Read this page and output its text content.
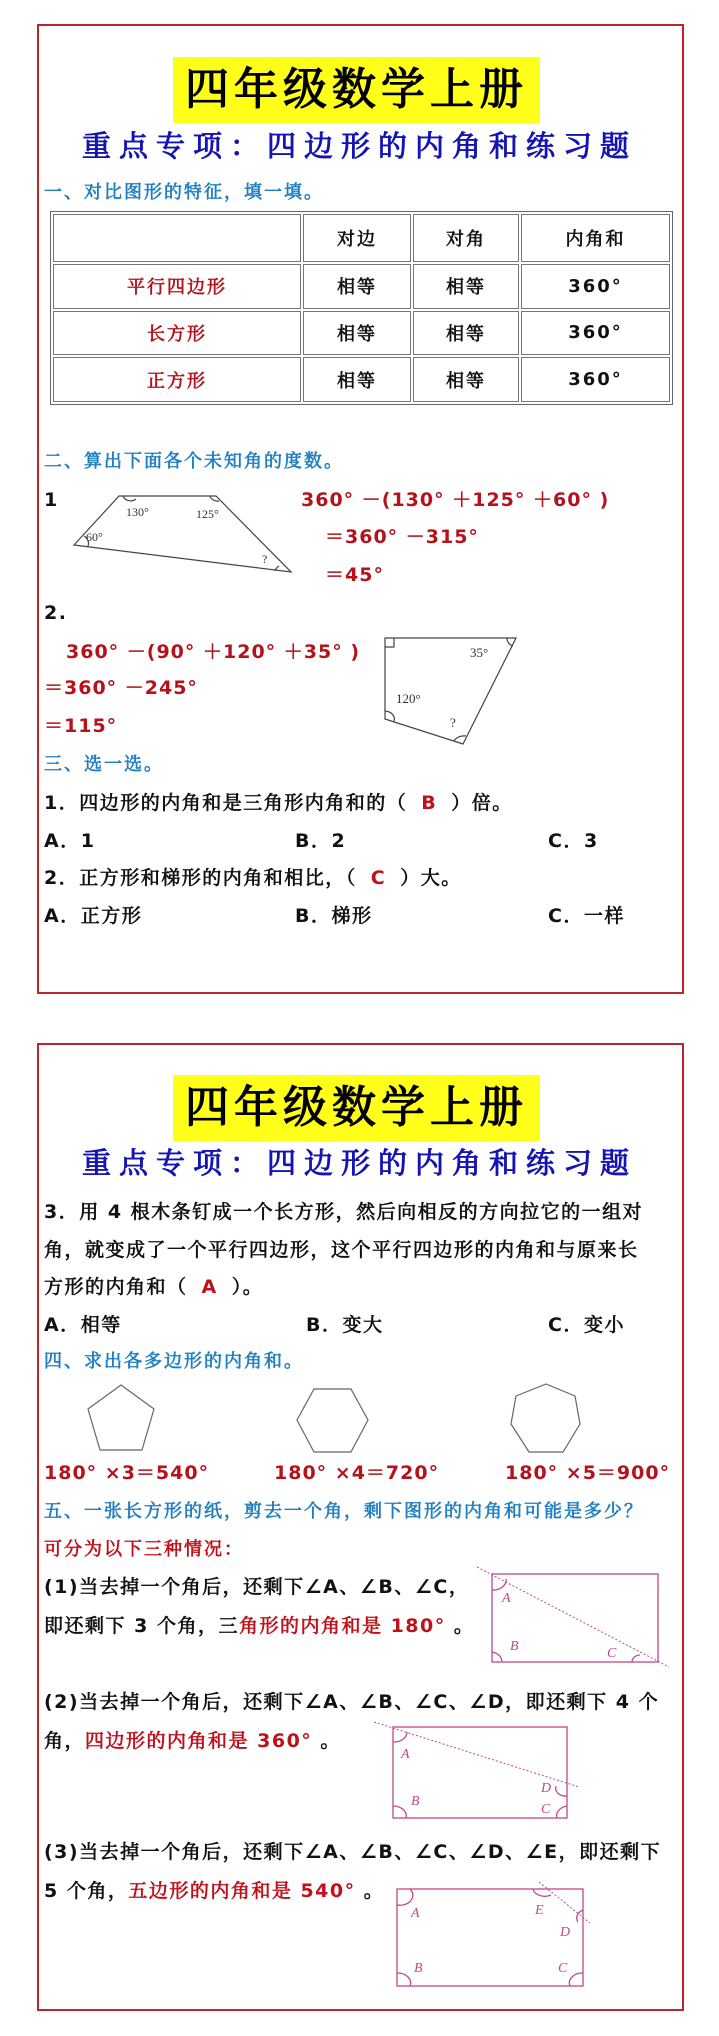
四年级数学上册
重点专项：四边形的内角和练习题
一、对比图形的特征，填一填。
	对边	对角	内角和
平行四边形	相等	相等	360°
长方形	相等	相等	360°
正方形	相等	相等	360°
二、算出下面各个未知角的度数。
1	360° －(130° ＋125° ＋60° )
＝360° －315°
＝45°
2.
360° －(90° ＋120° ＋35° )
＝360° －245°
＝115°
三、选一选。
1．四边形的内角和是三角形内角和的（ B ）倍。
A．1	B．2	C．3
2．正方形和梯形的内角和相比，（ C ）大。
A．正方形	B．梯形	C．一样
四年级数学上册
重点专项：四边形的内角和练习题
3．用 4 根木条钉成一个长方形，然后向相反的方向拉它的一组对
角，就变成了一个平行四边形，这个平行四边形的内角和与原来长
方形的内角和（ A ）。
A．相等	B．变大	C．变小
四、求出各多边形的内角和。
180° ×3＝540°	180° ×4＝720°	180° ×5＝900°
五、一张长方形的纸，剪去一个角，剩下图形的内角和可能是多少？
可分为以下三种情况：
(1)当去掉一个角后，还剩下∠A、∠B、∠C，
即还剩下 3 个角，三角形的内角和是 180° 。
(2)当去掉一个角后，还剩下∠A、∠B、∠C、∠D，即还剩下 4 个
角，四边形的内角和是 360° 。
(3)当去掉一个角后，还剩下∠A、∠B、∠C、∠D、∠E，即还剩下
5 个角，五边形的内角和是 540° 。
130°	125°
60°
?
35°
120°
?
A
B	C
A
B
D
C
A	E
D
B	C
